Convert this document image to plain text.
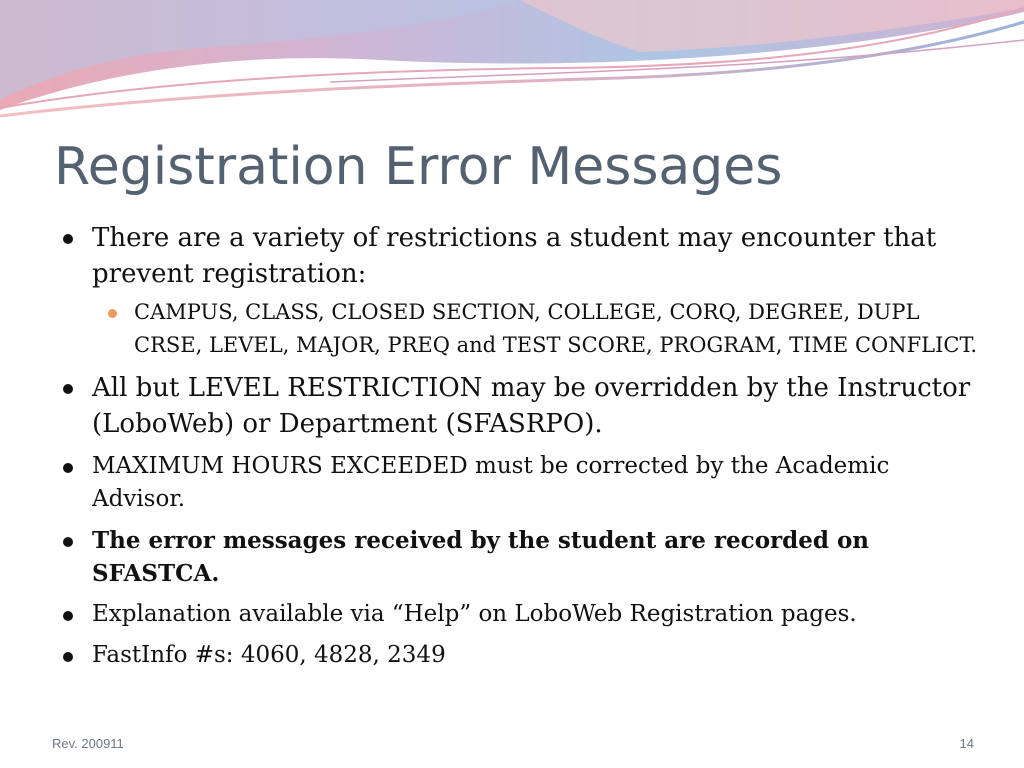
Registration Error Messages
There are a variety of restrictions a student may encounter that prevent registration:
CAMPUS, CLASS, CLOSED SECTION, COLLEGE, CORQ, DEGREE, DUPL CRSE, LEVEL, MAJOR, PREQ and TEST SCORE, PROGRAM, TIME CONFLICT.
All but LEVEL RESTRICTION may be overridden by the Instructor (LoboWeb) or Department (SFASRPO).
MAXIMUM HOURS EXCEEDED must be corrected by the Academic Advisor.
The error messages received by the student are recorded on SFASTCA.
Explanation available via “Help” on LoboWeb Registration pages.
FastInfo #s: 4060, 4828, 2349
Rev. 200911	14
